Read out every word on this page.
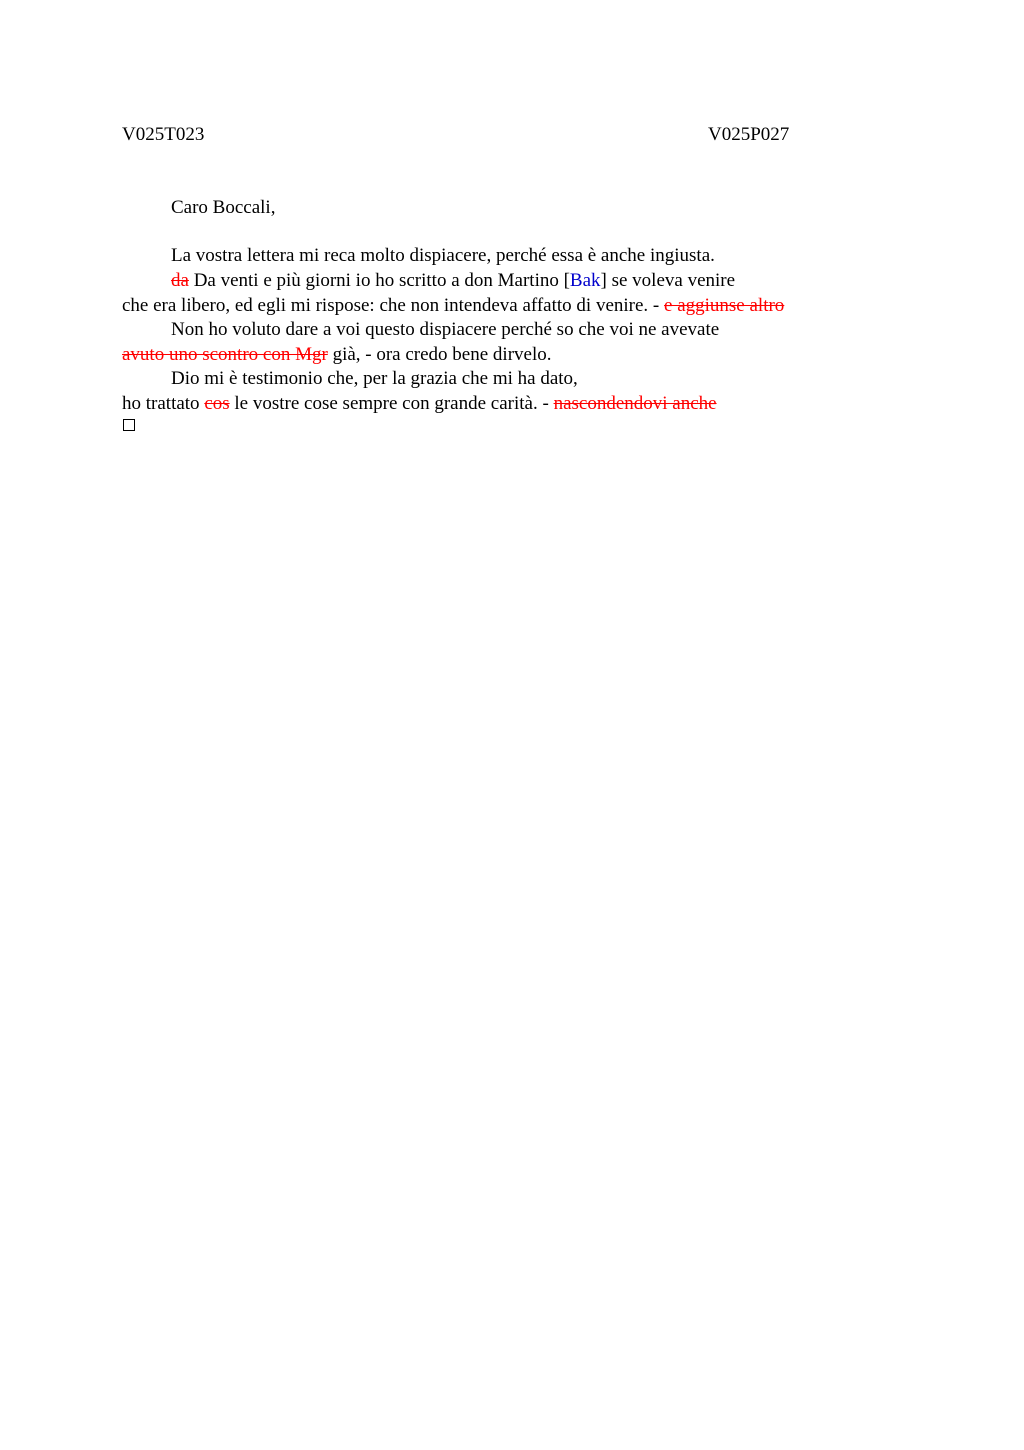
V025T023	V025P027
Caro Boccali,
La vostra lettera mi reca molto dispiacere, perché essa è anche ingiusta.
da Da venti e più giorni io ho scritto a don Martino [Bak] se voleva venire
che era libero, ed egli mi rispose: che non intendeva affatto di venire. - e aggiunse altro
Non ho voluto dare a voi questo dispiacere perché so che voi ne avevate
avuto uno scontro con Mgr già, - ora credo bene dirvelo.
Dio mi è testimonio che, per la grazia che mi ha dato,
ho trattato cos le vostre cose sempre con grande carità. - nascondendovi anche
